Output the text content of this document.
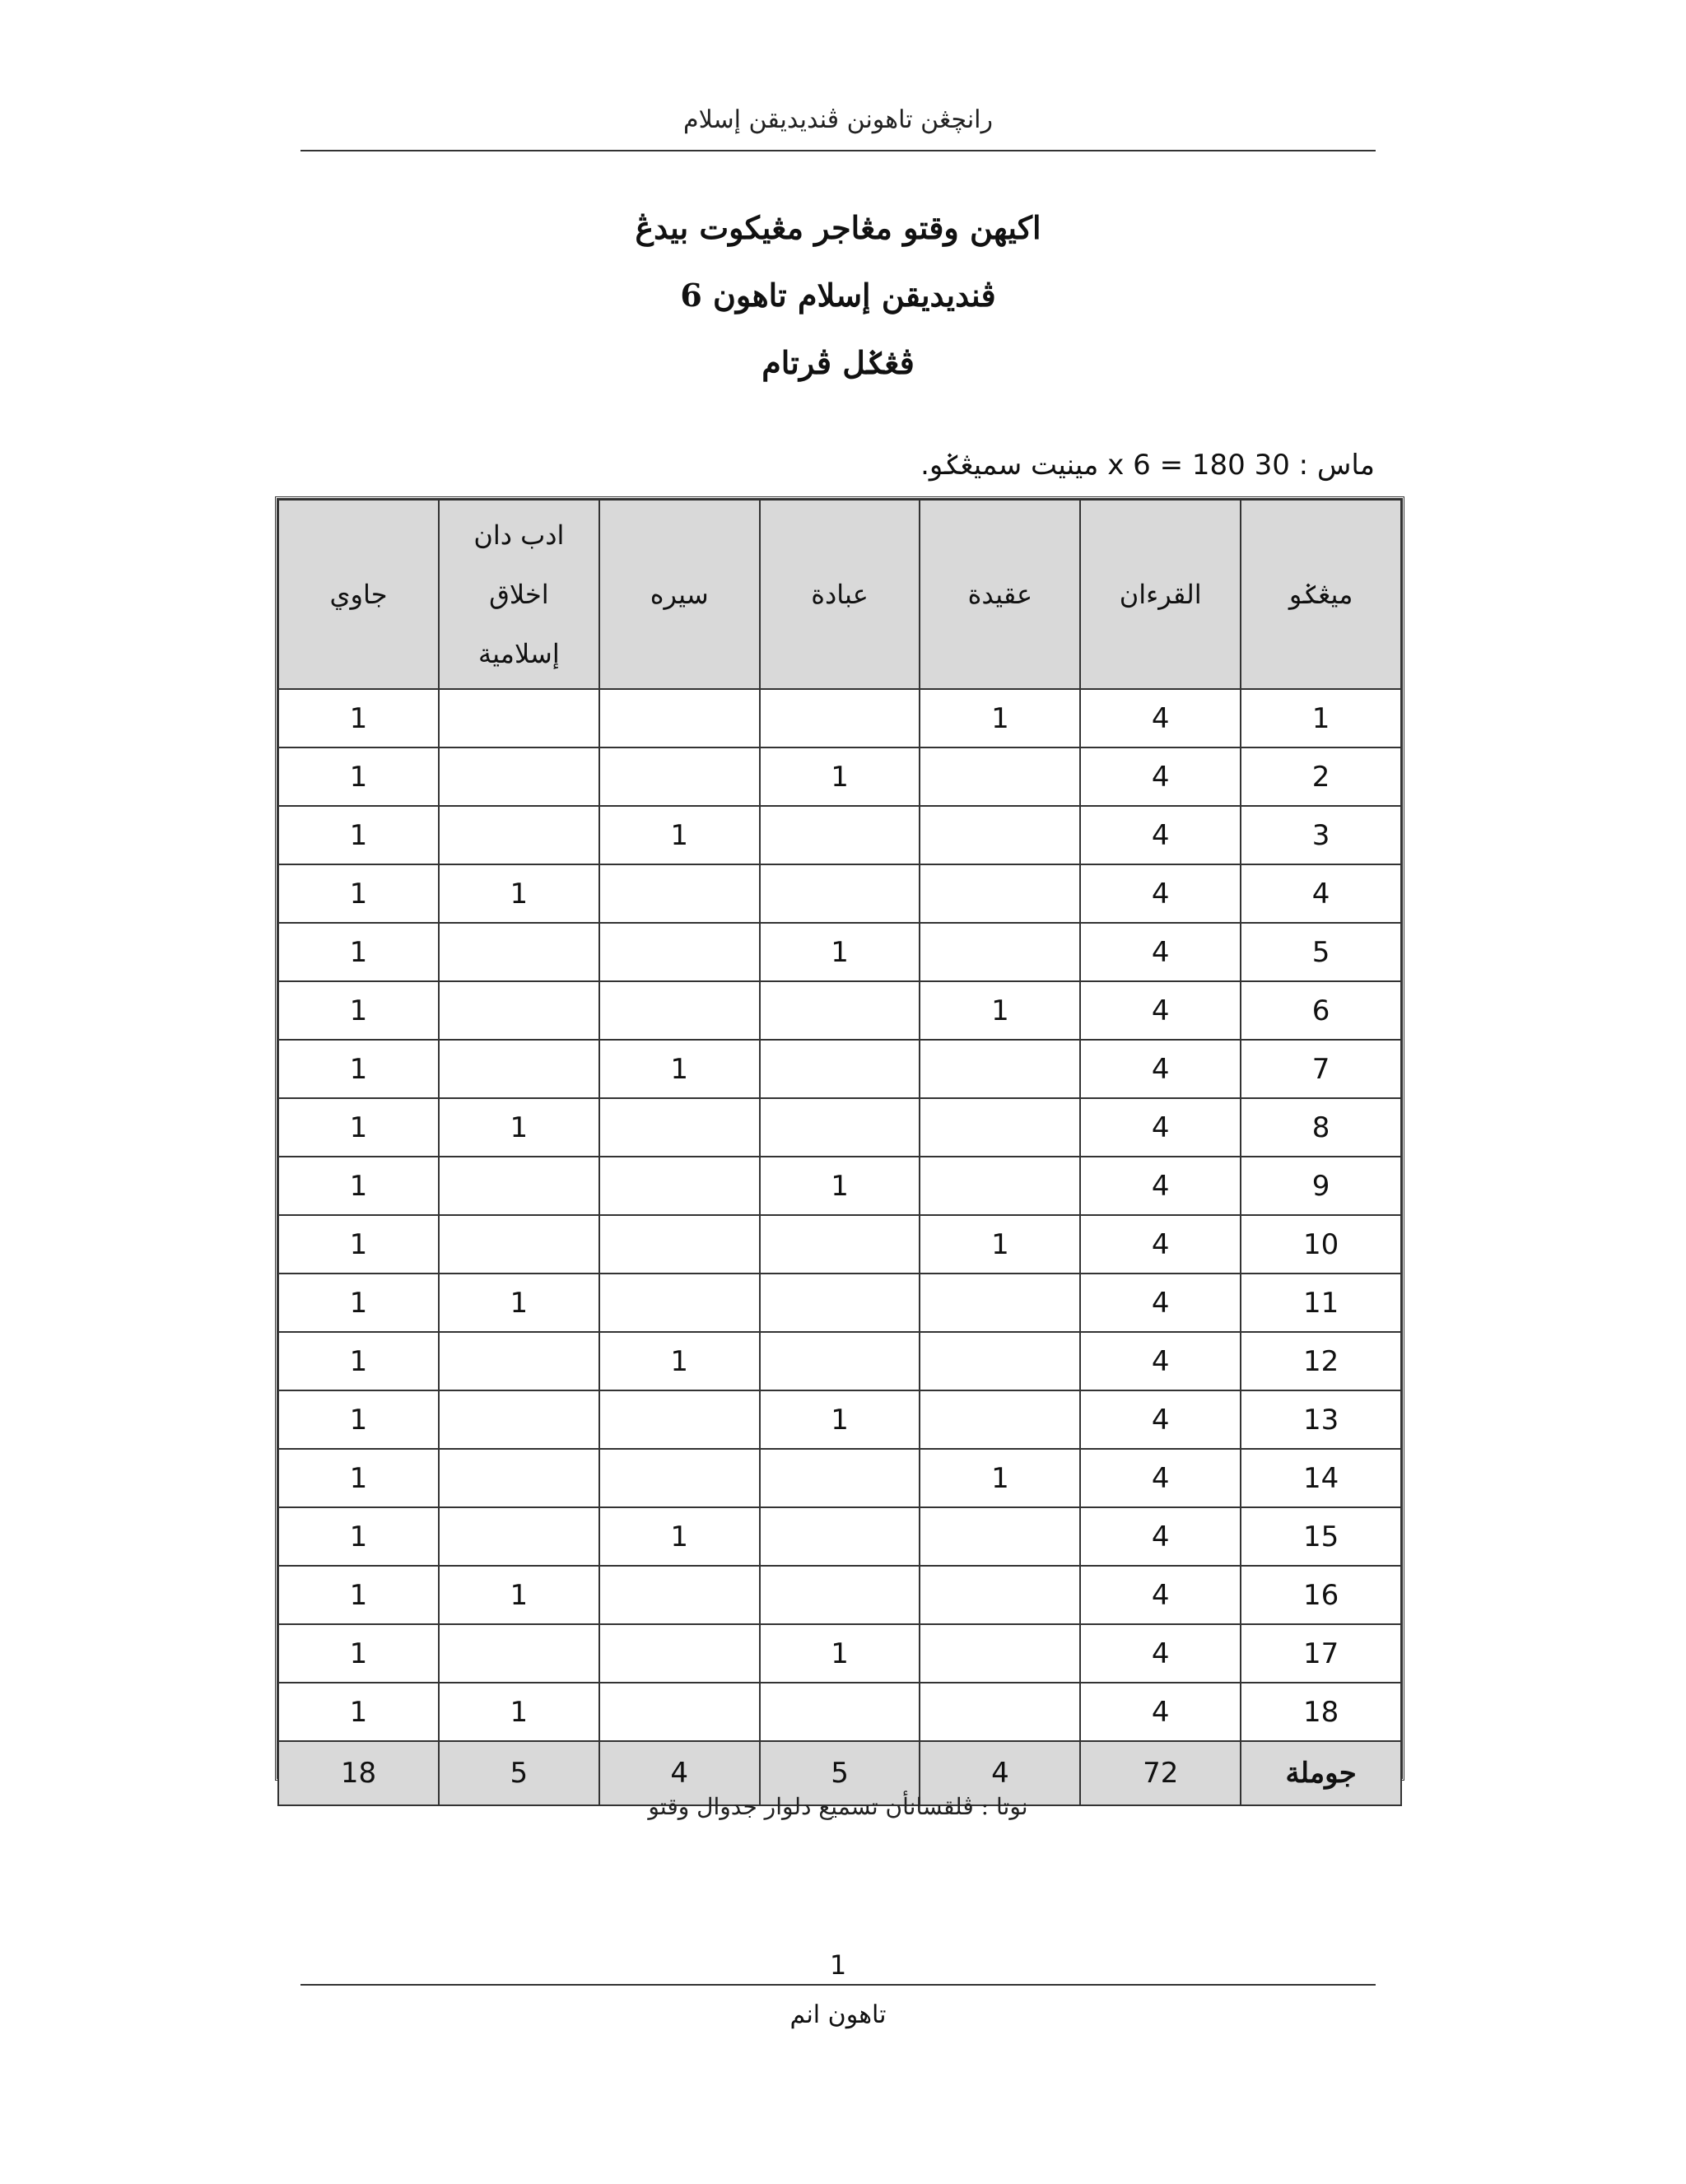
رانچڠن تاهونن ڤنديديقن إسلام
اكيهن وقتو مڠاجر مڠيكوت بيدڠ
ڤنديديقن إسلام تاهون 6
ڤڠݢل ڤرتام
ماس : 30 x 6 = 180 مينيت سميڠݢو.
ميڠݢو	القرءان	عقيدة	عبادة	سيره	ادب دان
اخلاق
إسلامية	جاوي
1	4	1				1
2	4		1			1
3	4			1		1
4	4				1	1
5	4		1			1
6	4	1				1
7	4			1		1
8	4				1	1
9	4		1			1
10	4	1				1
11	4				1	1
12	4			1		1
13	4		1			1
14	4	1				1
15	4			1		1
16	4				1	1
17	4		1			1
18	4				1	1
جوملة	72	4	5	4	5	18
نوتا : ڤلقسانأن تسميع دلوار جدوال وقتو
1
تاهون انم
